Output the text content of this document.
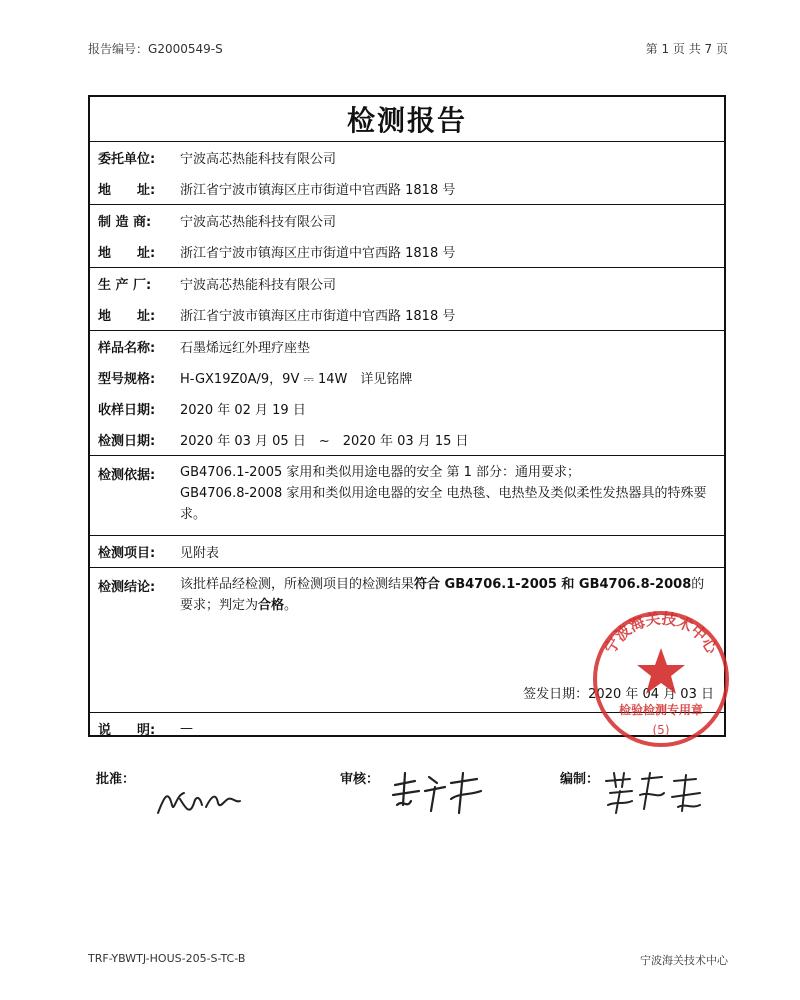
报告编号：G2000549-S	第 1 页 共 7 页
检测报告
委托单位:	宁波高芯热能科技有限公司
地　　址:	浙江省宁波市镇海区庄市街道中官西路 1818 号
制 造 商:	宁波高芯热能科技有限公司
地　　址:	浙江省宁波市镇海区庄市街道中官西路 1818 号
生 产 厂:	宁波高芯热能科技有限公司
地　　址:	浙江省宁波市镇海区庄市街道中官西路 1818 号
样品名称:	石墨烯远红外理疗座垫
型号规格:	H-GX19Z0A/9，9V ⎓ 14W　详见铭牌
收样日期:	2020 年 02 月 19 日
检测日期:	2020 年 03 月 05 日　~　2020 年 03 月 15 日
检测依据:	GB4706.1-2005 家用和类似用途电器的安全 第 1 部分：通用要求；
GB4706.8-2008 家用和类似用途电器的安全 电热毯、电热垫及类似柔性发热器具的特殊要求。
检测项目:	见附表
检测结论:	该批样品经检测，所检测项目的检测结果符合 GB4706.1-2005 和 GB4706.8-2008的要求；判定为合格。
签发日期：2020 年 04 月 03 日
说　　明:	—
宁波海关技术中心
检验检测专用章
(5)
批准：	审核：	编制：
TRF-YBWTJ-HOUS-205-S-TC-B	宁波海关技术中心
